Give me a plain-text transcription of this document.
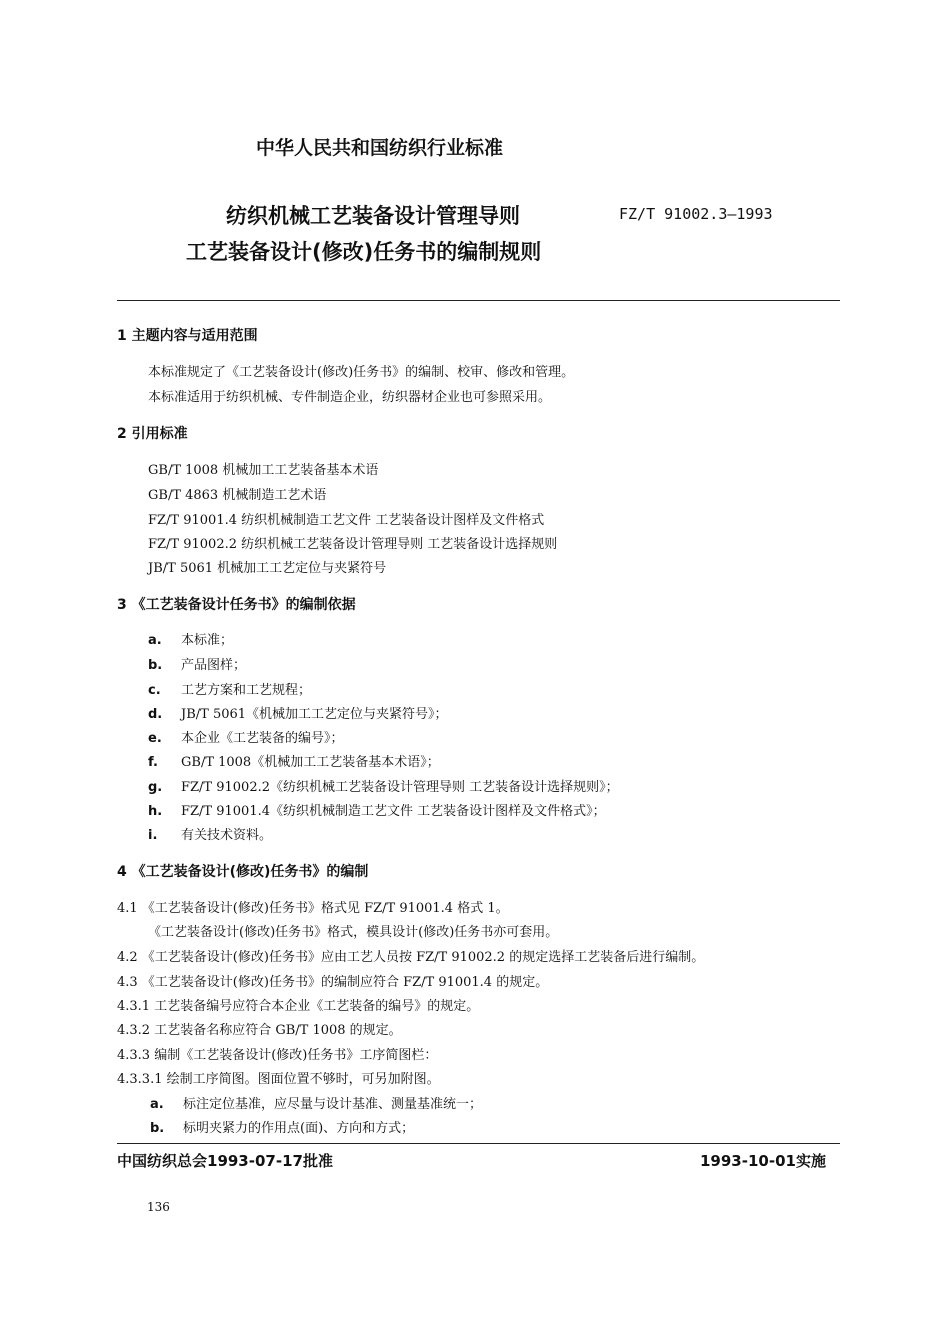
中华人民共和国纺织行业标准
纺织机械工艺装备设计管理导则	FZ/T 91002.3—1993
工艺装备设计(修改)任务书的编制规则
1 主题内容与适用范围
本标准规定了《工艺装备设计(修改)任务书》的编制、校审、修改和管理。
本标准适用于纺织机械、专件制造企业，纺织器材企业也可参照采用。
2 引用标准
GB/T 1008 机械加工工艺装备基本术语
GB/T 4863 机械制造工艺术语
FZ/T 91001.4 纺织机械制造工艺文件 工艺装备设计图样及文件格式
FZ/T 91002.2 纺织机械工艺装备设计管理导则 工艺装备设计选择规则
JB/T 5061 机械加工工艺定位与夹紧符号
3 《工艺装备设计任务书》的编制依据
a. 本标准；
b. 产品图样；
c. 工艺方案和工艺规程；
d. JB/T 5061《机械加工工艺定位与夹紧符号》；
e. 本企业《工艺装备的编号》；
f. GB/T 1008《机械加工工艺装备基本术语》；
g. FZ/T 91002.2《纺织机械工艺装备设计管理导则 工艺装备设计选择规则》；
h. FZ/T 91001.4《纺织机械制造工艺文件 工艺装备设计图样及文件格式》；
i. 有关技术资料。
4 《工艺装备设计(修改)任务书》的编制
4.1 《工艺装备设计(修改)任务书》格式见 FZ/T 91001.4 格式 1。
《工艺装备设计(修改)任务书》格式，模具设计(修改)任务书亦可套用。
4.2 《工艺装备设计(修改)任务书》应由工艺人员按 FZ/T 91002.2 的规定选择工艺装备后进行编制。
4.3 《工艺装备设计(修改)任务书》的编制应符合 FZ/T 91001.4 的规定。
4.3.1 工艺装备编号应符合本企业《工艺装备的编号》的规定。
4.3.2 工艺装备名称应符合 GB/T 1008 的规定。
4.3.3 编制《工艺装备设计(修改)任务书》工序简图栏：
4.3.3.1 绘制工序简图。图面位置不够时，可另加附图。
a. 标注定位基准，应尽量与设计基准、测量基准统一；
b. 标明夹紧力的作用点(面)、方向和方式；
中国纺织总会1993-07-17批准	1993-10-01实施
136
